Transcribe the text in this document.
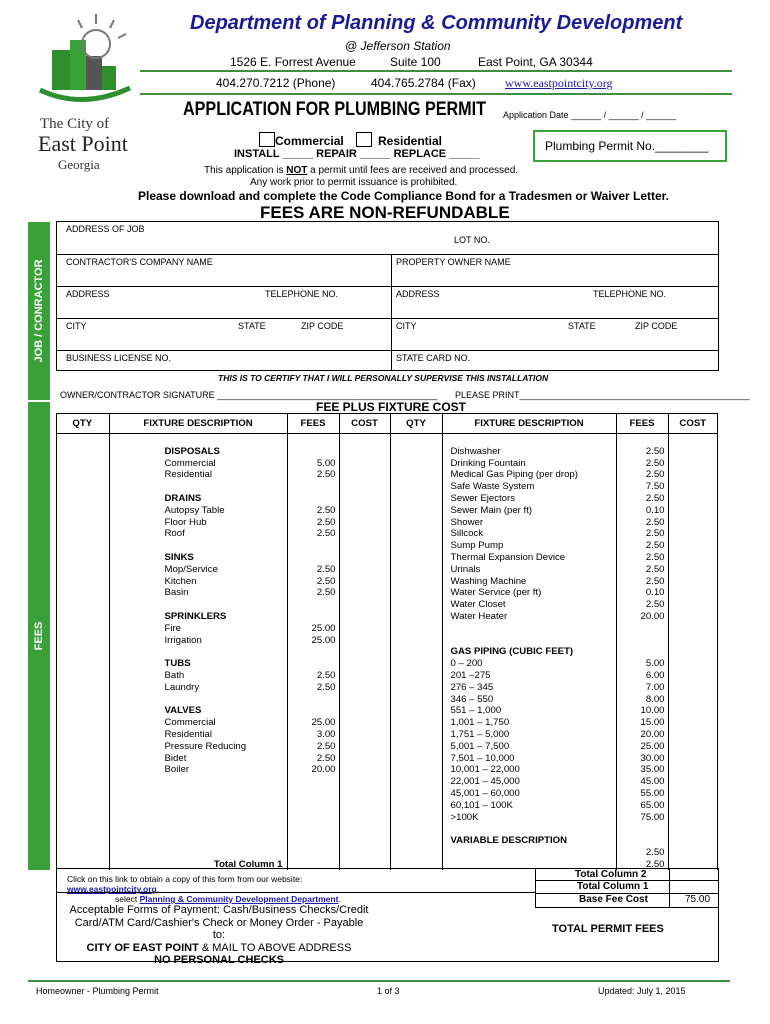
The City of
East Point
Georgia
Department of Planning & Community Development
@ Jefferson Station
1526 E. Forrest Avenue	Suite 100	East Point, GA 30344
404.270.7212 (Phone)	404.765.2784 (Fax) www.eastpointcity.org
APPLICATION FOR PLUMBING PERMIT Application Date ______ / ______ / ______
Commercial	Residential
INSTALL _____ REPAIR _____ REPLACE _____
Plumbing Permit No.________
This application is NOT a permit until fees are received and processed.
Any work prior to permit issuance is prohibited.
Please download and complete the Code Compliance Bond for a Tradesmen or Waiver Letter.
FEES ARE NON-REFUNDABLE
JOB / CONRACTOR
FEES
ADDRESS OF JOB
LOT NO.
CONTRACTOR'S COMPANY NAME	PROPERTY OWNER NAME
ADDRESS	TELEPHONE NO.	ADDRESS	TELEPHONE NO.
CITY	STATE	ZIP CODE	CITY	STATE	ZIP CODE
BUSINESS LICENSE NO.	STATE CARD NO.
THIS IS TO CERTIFY THAT I WILL PERSONALLY SUPERVISE THIS INSTALLATION
OWNER/CONTRACTOR SIGNATURE ____________________________________________ PLEASE PRINT______________________________________________
FEE PLUS FIXTURE COST
QTY	FIXTURE DESCRIPTION	FEES	COST	QTY	FIXTURE DESCRIPTION	FEES	COST

	DISPOSALS				Dishwasher	2.50	
	Commercial	5.00			Drinking Fountain	2.50	
	Residential	2.50			Medical Gas Piping (per drop)	2.50	
					Safe Waste System	7.50	
	DRAINS				Sewer Ejectors	2.50	
	Autopsy Table	2.50			Sewer Main (per ft)	0.10	
	Floor Hub	2.50			Shower	2.50	
	Roof	2.50			Sillcock	2.50	
					Sump Pump	2.50	
	SINKS				Thermal Expansion Device	2.50	
	Mop/Service	2.50			Urinals	2.50	
	Kitchen	2.50			Washing Machine	2.50	
	Basin	2.50			Water Service (per ft)	0.10	
					Water Closet	2.50	
	SPRINKLERS				Water Heater	20.00	
	Fire	25.00					
	Irrigation	25.00					
					GAS PIPING (CUBIC FEET)		
	TUBS				0 – 200	5.00	
	Bath	2.50			201 –275	6.00	
	Laundry	2.50			276 – 345	7.00	
					346 – 550	8.00	
	VALVES				551 – 1,000	10.00	
	Commercial	25.00			1,001 – 1,750	15.00	
	Residential	3.00			1,751 – 5,000	20.00	
	Pressure Reducing	2.50			5,001 – 7,500	25.00	
	Bidet	2.50			7,501 – 10,000	30.00	
	Boiler	20.00			10,001 – 22,000	35.00	
					22,001 – 45,000	45.00	
					45,001 – 60,000	55.00	
					60,101 – 100K	65.00	
					>100K	75.00	

					VARIABLE DESCRIPTION		
						2.50	
	Total Column 1					2.50	
Click on this link to obtain a copy of this form from our website: www.eastpointcity.org,
select Planning & Community Development Department.
Total Column 2
Total Column 1
Base Fee Cost	75.00
Acceptable Forms of Payment: Cash/Business Checks/Credit
Card/ATM Card/Cashier's Check or Money Order - Payable to:
CITY OF EAST POINT & MAIL TO ABOVE ADDRESS
NO PERSONAL CHECKS
TOTAL PERMIT FEES
Homeowner - Plumbing Permit	1 of 3	Updated: July 1, 2015
